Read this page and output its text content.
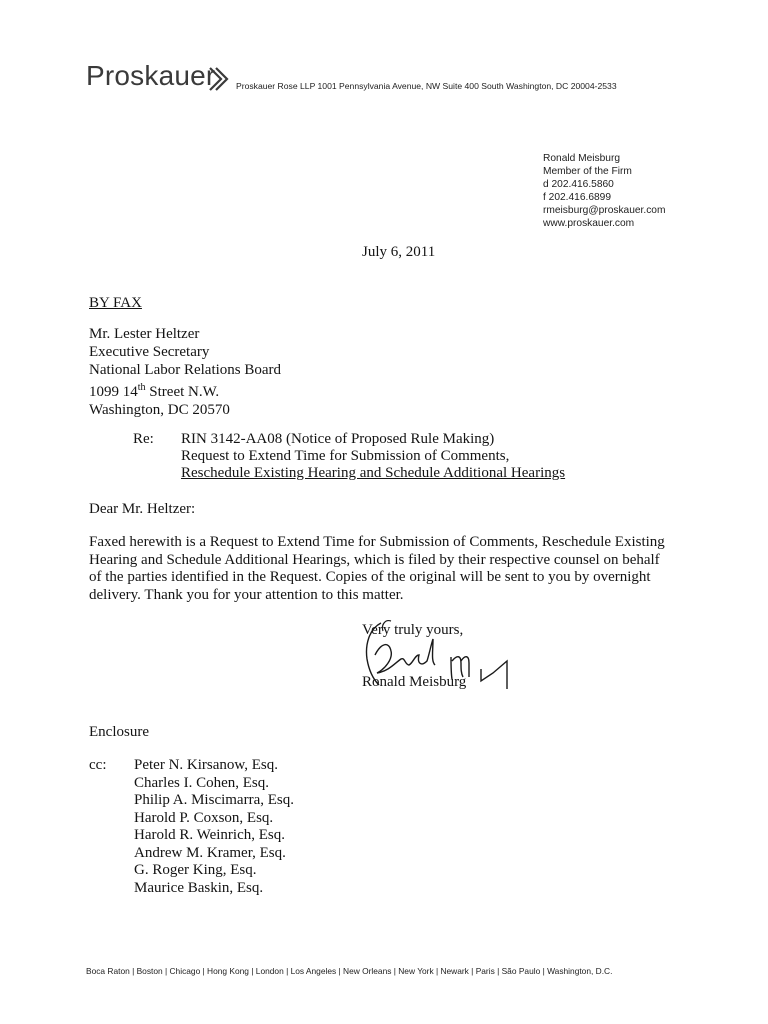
Proskauer Proskauer Rose LLP 1001 Pennsylvania Avenue, NW Suite 400 South Washington, DC 20004-2533
Ronald Meisburg
Member of the Firm
d 202.416.5860
f 202.416.6899
rmeisburg@proskauer.com
www.proskauer.com
July 6, 2011
BY FAX
Mr. Lester Heltzer
Executive Secretary
National Labor Relations Board
1099 14th Street N.W.
Washington, DC 20570
Re: RIN 3142-AA08 (Notice of Proposed Rule Making)
Request to Extend Time for Submission of Comments,
Reschedule Existing Hearing and Schedule Additional Hearings
Dear Mr. Heltzer:
Faxed herewith is a Request to Extend Time for Submission of Comments, Reschedule Existing
Hearing and Schedule Additional Hearings, which is filed by their respective counsel on behalf
of the parties identified in the Request. Copies of the original will be sent to you by overnight
delivery. Thank you for your attention to this matter.
Very truly yours,
Ronald Meisburg
Enclosure
cc: Peter N. Kirsanow, Esq.
Charles I. Cohen, Esq.
Philip A. Miscimarra, Esq.
Harold P. Coxson, Esq.
Harold R. Weinrich, Esq.
Andrew M. Kramer, Esq.
G. Roger King, Esq.
Maurice Baskin, Esq.
Boca Raton | Boston | Chicago | Hong Kong | London | Los Angeles | New Orleans | New York | Newark | Paris | São Paulo | Washington, D.C.
